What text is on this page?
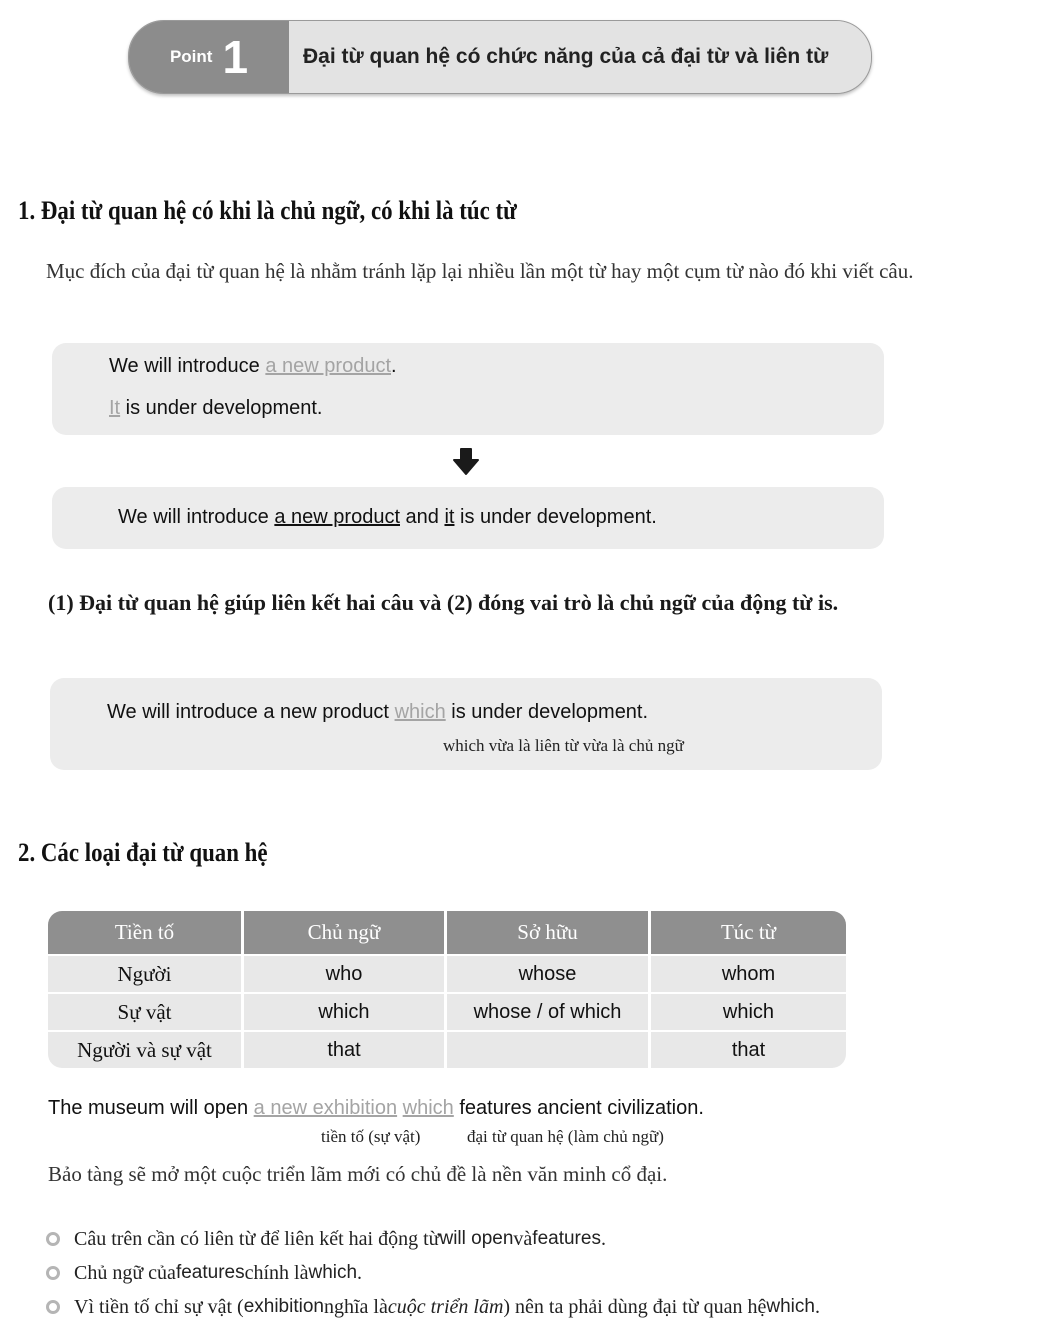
Point 1	Đại từ quan hệ có chức năng của cả đại từ và liên từ
1. Đại từ quan hệ có khi là chủ ngữ, có khi là túc từ
Mục đích của đại từ quan hệ là nhằm tránh lặp lại nhiều lần một từ hay một cụm từ nào đó khi viết câu.
We will introduce a new product.
It is under development.
We will introduce a new product and it is under development.
(1) Đại từ quan hệ giúp liên kết hai câu và (2) đóng vai trò là chủ ngữ của động từ is.
We will introduce a new product which is under development.
which vừa là liên từ vừa là chủ ngữ
2. Các loại đại từ quan hệ
Tiền tố	Chủ ngữ	Sở hữu	Túc từ
Người	who	whose	whom
Sự vật	which	whose / of which	which
Người và sự vật	that		that
The museum will open a new exhibition which features ancient civilization.
tiền tố (sự vật)	đại từ quan hệ (làm chủ ngữ)
Bảo tàng sẽ mở một cuộc triển lãm mới có chủ đề là nền văn minh cổ đại.
Câu trên cần có liên từ để liên kết hai động từ will open và features .
Chủ ngữ của features chính là which .
Vì tiền tố chỉ sự vật ( exhibition nghĩa là cuộc triển lãm ) nên ta phải dùng đại từ quan hệ which .
